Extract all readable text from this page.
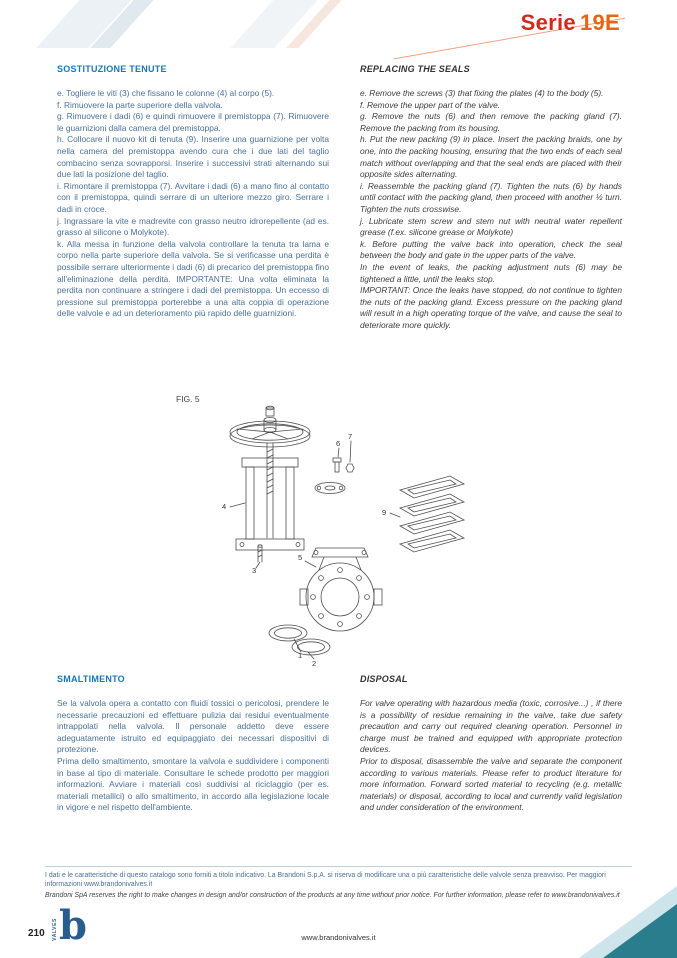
Serie 19E
SOSTITUZIONE TENUTE

e. Togliere le viti (3) che fissano le colonne (4) al corpo (5).

f. Rimuovere la parte superiore della valvola.

g. Rimuovere i dadi (6) e quindi rimuovere il premistoppa (7). Rimuovere le guarnizioni dalla camera del premistoppa.

h. Collocare il nuovo kit di tenuta (9). Inserire una guarnizione per volta nella camera del premistoppa avendo cura che i due lati del taglio combacino senza sovrapporsi. Inserire i successivi strati alternando sui due lati la posizione del taglio.

i. Rimontare il premistoppa (7). Avvitare i dadi (6) a mano fino al contatto con il premistoppa, quindi serrare di un ulteriore mezzo giro. Serrare i dadi in croce.

j. Ingrassare la vite e madrevite con grasso neutro idrorepellente (ad es. grasso al silicone o Molykote).

k. Alla messa in funzione della valvola controllare la tenuta tra lama e corpo nella parte superiore della valvola. Se si verificasse una perdita è possibile serrare ulteriormente i dadi (6) di precarico del premistoppa fino all'eliminazione della perdita. IMPORTANTE: Una volta eliminata la perdita non continuare a stringere i dadi del premistoppa. Un eccesso di pressione sul premistoppa porterebbe a una alta coppia di operazione delle valvole e ad un deterioramento più rapido delle guarnizioni.

REPLACING THE SEALS

e. Remove the screws (3) that fixing the plates (4) to the body (5).

f. Remove the upper part of the valve.

g. Remove the nuts (6) and then remove the packing gland (7). Remove the packing from its housing.

h. Put the new packing (9) in place. Insert the packing braids, one by one, into the packing housing, ensuring that the two ends of each seal match without overlapping and that the seal ends are placed with their opposite sides alternating.

i. Reassemble the packing gland (7). Tighten the nuts (6) by hands until contact with the packing gland, then proceed with another ½ turn. Tighten the nuts crosswise.

j. Lubricate stem screw and stem nut with neutral water repellent grease (f.ex. silicone grease or Molykote)

k. Before putting the valve back into operation, check the seal between the body and gate in the upper parts of the valve.

In the event of leaks, the packing adjustment nuts (6) may be tightened a little, until the leaks stop.

IMPORTANT: Once the leaks have stopped, do not continue to tighten the nuts of the packing gland. Excess pressure on the packing gland will result in a high operating torque of the valve, and cause the seal to deteriorate more quickly.

FIG. 5
4
3
5
6
7
9
1
2
SMALTIMENTO

Se la valvola opera a contatto con fluidi tossici o pericolosi, prendere le necessarie precauzioni ed effettuare pulizia dai residui eventualmente intrappolati nella valvola. Il personale addetto deve essere adeguatamente istruito ed equipaggiato dei necessari dispositivi di protezione.

Prima dello smaltimento, smontare la valvola e suddividere i componenti in base al tipo di materiale. Consultare le schede prodotto per maggiori informazioni. Avviare i materiali così suddivisi al riciclaggio (per es. materiali metallici) o allo smaltimento, in accordo alla legislazione locale in vigore e nel rispetto dell'ambiente.

DISPOSAL

For valve operating with hazardous media (toxic, corrosive...) , if there is a possibility of residue remaining in the valve, take due safety precaution and carry out required cleaning operation. Personnel in charge must be trained and equipped with appropriate protection devices.

Prior to disposal, disassemble the valve and separate the component according to various materials. Please refer to product literature for more information. Forward sorted material to recycling (e.g. metallic materials) or disposal, according to local and currently valid legislation and under consideration of the environment.

I dati e le caratteristiche di questo catalogo sono forniti a titolo indicativo. La Brandoni S.p.A. si riserva di modificare una o più caratteristiche delle valvole senza preavviso. Per maggiori informazioni www.brandonivalves.it

Brandoni SpA reserves the right to make changes in design and/or construction of the products at any time without prior notice. For further information, please refer to www.brandonivalves.it

210 VALVES b	www.brandonivalves.it
